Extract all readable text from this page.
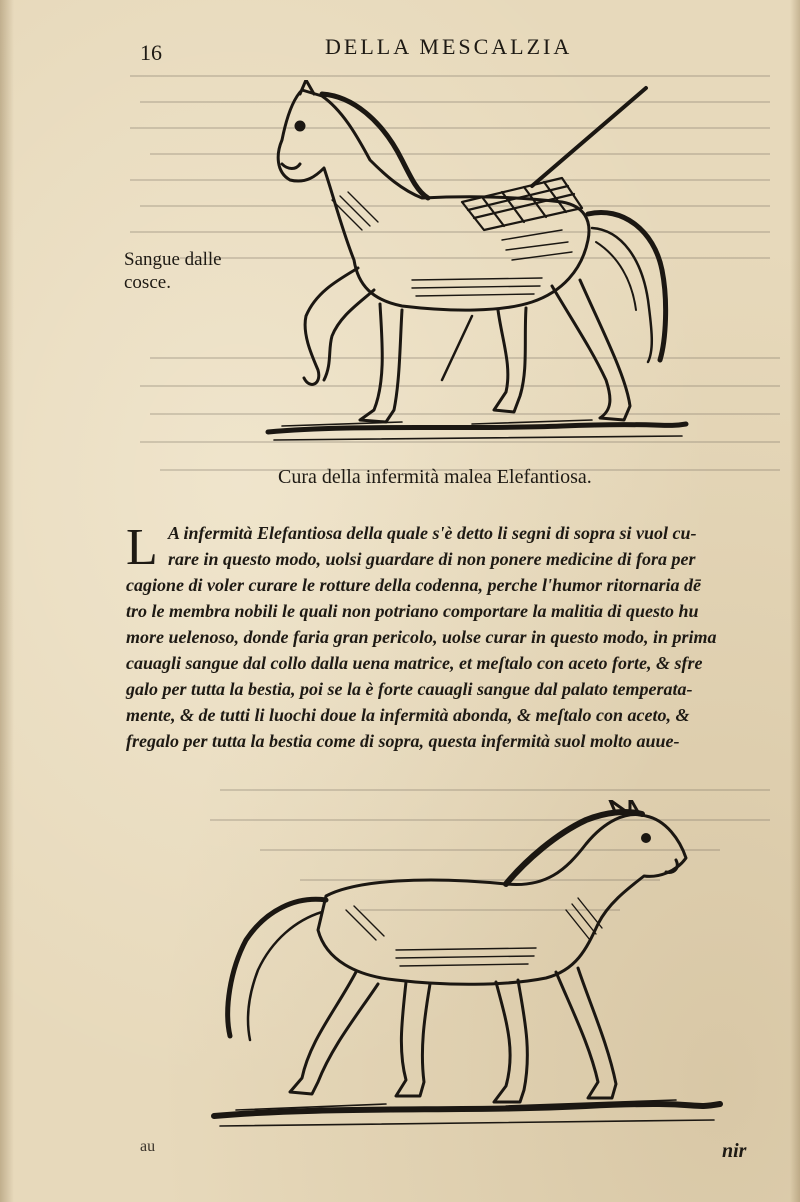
16	DELLA MESCALZIA
Sangue dalle
cosce.
Cura della infermità malea Elefantiosa.
L A infermità Elefantiosa della quale s'è detto li segni di sopra si vuol cu-
rare in questo modo, uolsi guardare di non ponere medicine di fora per
cagione di voler curare le rotture della codenna, perche l'humor ritornaria dē
tro le membra nobili le quali non potriano comportare la malitia di questo hu
more uelenoso, donde faria gran pericolo, uolse curar in questo modo, in prima
cauagli sangue dal collo dalla uena matrice, et meſtalo con aceto forte, & sfre
galo per tutta la bestia, poi se la è forte cauagli sangue dal palato temperata-
mente, & de tutti li luochi doue la infermità abonda, & meſtalo con aceto, &
fregalo per tutta la bestia come di sopra, questa infermità suol molto auue-
au	nir
